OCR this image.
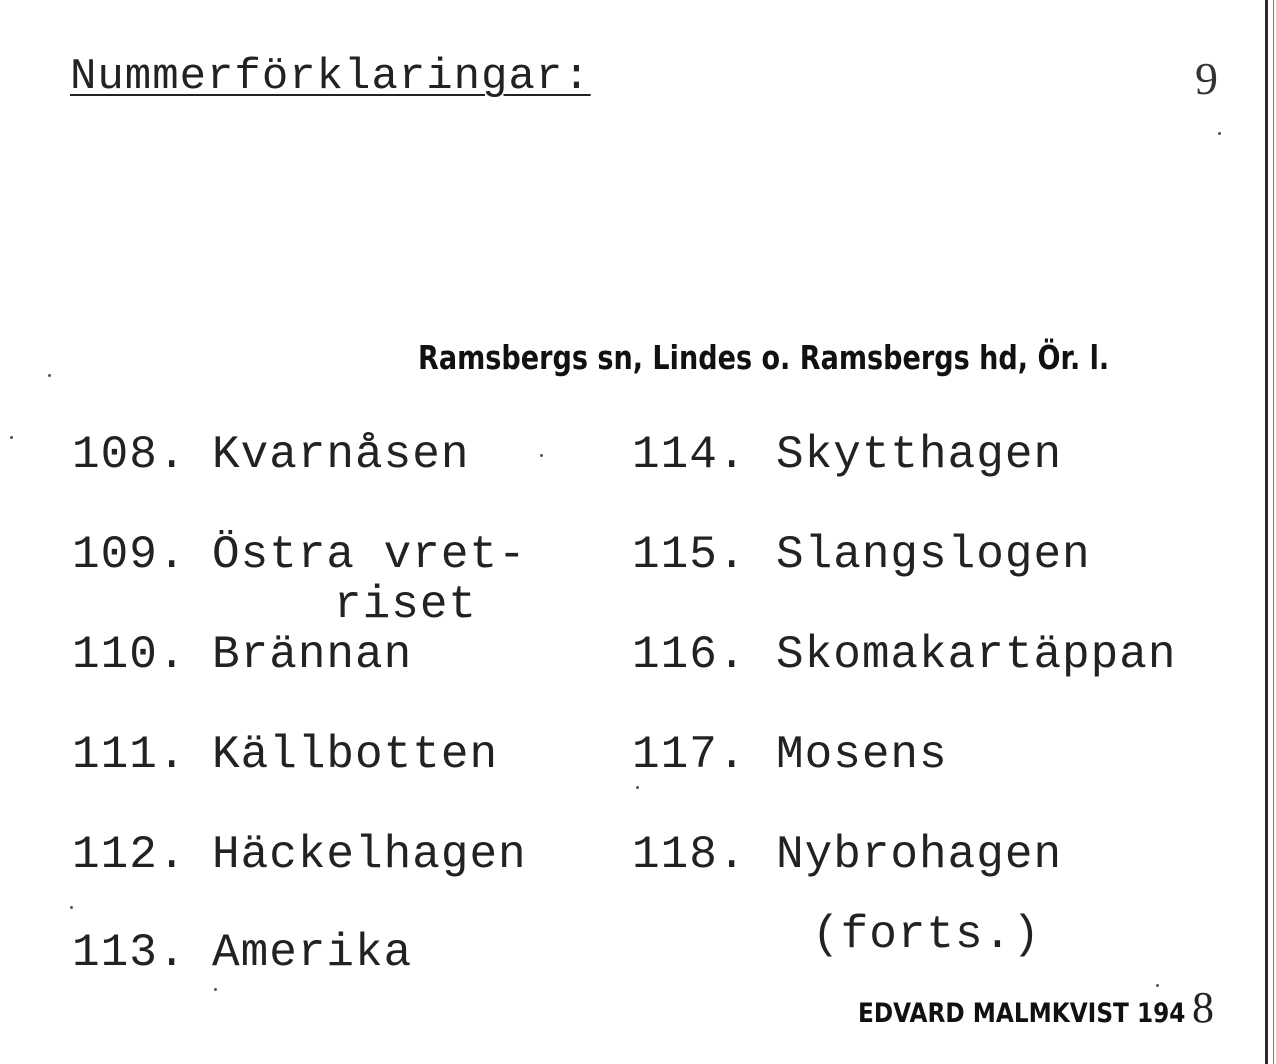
Nummerförklaringar:	9
Ramsbergs sn, Lindes o. Ramsbergs hd, Ör. l.
108. Kvarnåsen
109. Östra vret-
riset
110. Brännan
111. Källbotten
112. Häckelhagen
113. Amerika
114. Skytthagen
115. Slangslogen
116. Skomakartäppan
117. Mosens
118. Nybrohagen
(forts.)
EDVARD MALMKVIST 194 8
